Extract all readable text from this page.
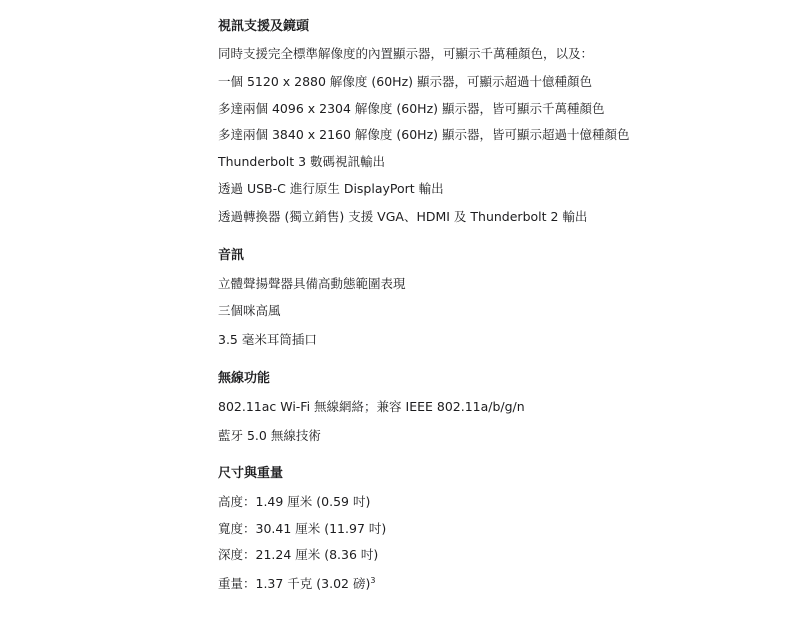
視訊支援及鏡頭
同時支援完全標準解像度的內置顯示器，可顯示千萬種顏色，以及：
一個 5120 x 2880 解像度 (60Hz) 顯示器，可顯示超過十億種顏色
多達兩個 4096 x 2304 解像度 (60Hz) 顯示器，皆可顯示千萬種顏色
多達兩個 3840 x 2160 解像度 (60Hz) 顯示器，皆可顯示超過十億種顏色
Thunderbolt 3 數碼視訊輸出
透過 USB-C 進行原生 DisplayPort 輸出
透過轉換器 (獨立銷售) 支援 VGA、HDMI 及 Thunderbolt 2 輸出
音訊
立體聲揚聲器具備高動態範圍表現
三個咪高風
3.5 毫米耳筒插口
無線功能
802.11ac Wi-Fi 無線網絡；兼容 IEEE 802.11a/b/g/n
藍牙 5.0 無線技術
尺寸與重量
高度：1.49 厘米 (0.59 吋)
寬度：30.41 厘米 (11.97 吋)
深度：21.24 厘米 (8.36 吋)
重量：1.37 千克 (3.02 磅)$^3$
